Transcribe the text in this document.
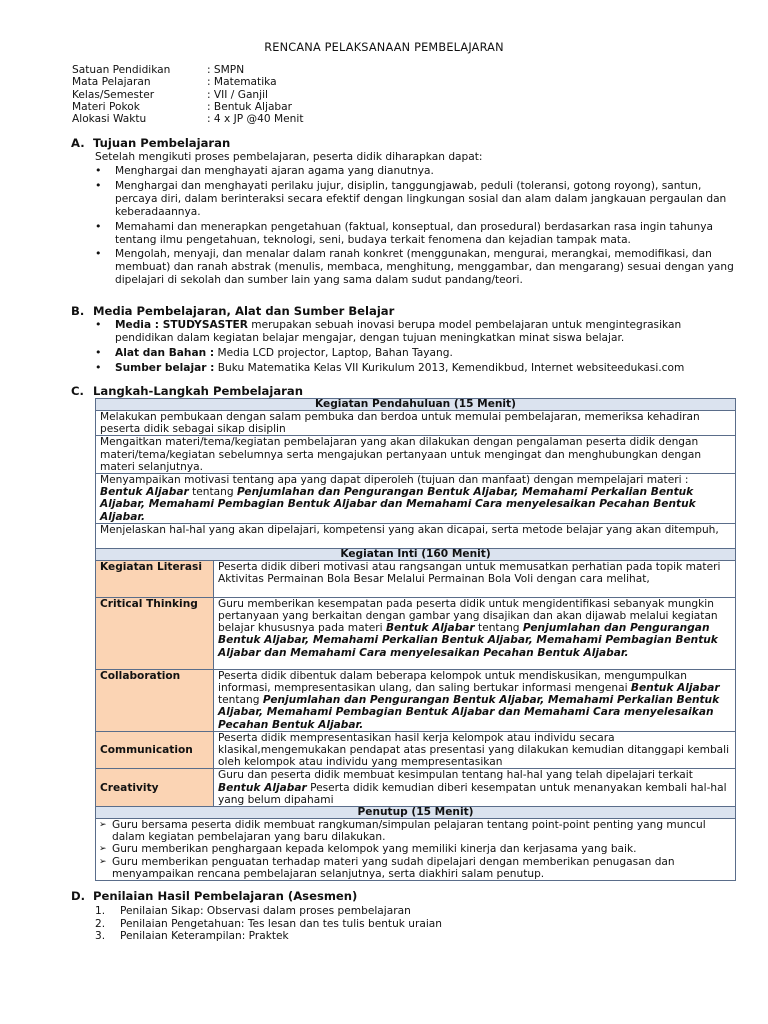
RENCANA PELAKSANAAN PEMBELAJARAN
Satuan Pendidikan	: SMPN
Mata Pelajaran	: Matematika
Kelas/Semester	: VII / Ganjil
Materi Pokok	: Bentuk Aljabar
Alokasi Waktu	: 4 x JP @40 Menit
A. Tujuan Pembelajaran
Setelah mengikuti proses pembelajaran, peserta didik diharapkan dapat:
• Menghargai dan menghayati ajaran agama yang dianutnya.
• Menghargai dan menghayati perilaku jujur, disiplin, tanggungjawab, peduli (toleransi, gotong royong), santun, percaya diri, dalam berinteraksi secara efektif dengan lingkungan sosial dan alam dalam jangkauan pergaulan dan keberadaannya.
• Memahami dan menerapkan pengetahuan (faktual, konseptual, dan prosedural) berdasarkan rasa ingin tahunya tentang ilmu pengetahuan, teknologi, seni, budaya terkait fenomena dan kejadian tampak mata.
• Mengolah, menyaji, dan menalar dalam ranah konkret (menggunakan, mengurai, merangkai, memodifikasi, dan membuat) dan ranah abstrak (menulis, membaca, menghitung, menggambar, dan mengarang) sesuai dengan yang dipelajari di sekolah dan sumber lain yang sama dalam sudut pandang/teori.
B. Media Pembelajaran, Alat dan Sumber Belajar
• Media : STUDYSASTER merupakan sebuah inovasi berupa model pembelajaran untuk mengintegrasikan pendidikan dalam kegiatan belajar mengajar, dengan tujuan meningkatkan minat siswa belajar.
• Alat dan Bahan : Media LCD projector, Laptop, Bahan Tayang.
• Sumber belajar : Buku Matematika Kelas VII Kurikulum 2013, Kemendikbud, Internet websiteedukasi.com
C. Langkah-Langkah Pembelajaran
Kegiatan Pendahuluan (15 Menit)	
Melakukan pembukaan dengan salam pembuka dan berdoa untuk memulai pembelajaran, memeriksa kehadiran peserta didik sebagai sikap disiplin	
Mengaitkan materi/tema/kegiatan pembelajaran yang akan dilakukan dengan pengalaman peserta didik dengan materi/tema/kegiatan sebelumnya serta mengajukan pertanyaan untuk mengingat dan menghubungkan dengan materi selanjutnya.	
Menyampaikan motivasi tentang apa yang dapat diperoleh (tujuan dan manfaat) dengan mempelajari materi : Bentuk Aljabar tentang Penjumlahan dan Pengurangan Bentuk Aljabar, Memahami Perkalian Bentuk Aljabar, Memahami Pembagian Bentuk Aljabar dan Memahami Cara menyelesaikan Pecahan Bentuk Aljabar.	
Menjelaskan hal-hal yang akan dipelajari, kompetensi yang akan dicapai, serta metode belajar yang akan ditempuh,	
Kegiatan Inti (160 Menit)	
Kegiatan Literasi	Peserta didik diberi motivasi atau rangsangan untuk memusatkan perhatian pada topik materi
Aktivitas Permainan Bola Besar Melalui Permainan Bola Voli dengan cara melihat,

Critical Thinking	Guru memberikan kesempatan pada peserta didik untuk mengidentifikasi sebanyak mungkin pertanyaan yang berkaitan dengan gambar yang disajikan dan akan dijawab melalui kegiatan belajar khususnya pada materi Bentuk Aljabar tentang Penjumlahan dan Pengurangan Bentuk Aljabar, Memahami Perkalian Bentuk Aljabar, Memahami Pembagian Bentuk Aljabar dan Memahami Cara menyelesaikan Pecahan Bentuk Aljabar.
Collaboration	Peserta didik dibentuk dalam beberapa kelompok untuk mendiskusikan, mengumpulkan informasi, mempresentasikan ulang, dan saling bertukar informasi mengenai Bentuk Aljabar tentang Penjumlahan dan Pengurangan Bentuk Aljabar, Memahami Perkalian Bentuk Aljabar, Memahami Pembagian Bentuk Aljabar dan Memahami Cara menyelesaikan Pecahan Bentuk Aljabar.
Communication	Peserta didik mempresentasikan hasil kerja kelompok atau individu secara klasikal,mengemukakan pendapat atas presentasi yang dilakukan kemudian ditanggapi kembali oleh kelompok atau individu yang mempresentasikan
Creativity	Guru dan peserta didik membuat kesimpulan tentang hal-hal yang telah dipelajari terkait Bentuk Aljabar Peserta didik kemudian diberi kesempatan untuk menanyakan kembali hal-hal yang belum dipahami
Penutup (15 Menit)	

➢ Guru bersama peserta didik membuat rangkuman/simpulan pelajaran tentang point-point penting yang muncul dalam kegiatan pembelajaran yang baru dilakukan.
➢ Guru memberikan penghargaan kepada kelompok yang memiliki kinerja dan kerjasama yang baik.
➢ Guru memberikan penguatan terhadap materi yang sudah dipelajari dengan memberikan penugasan dan menyampaikan rencana pembelajaran selanjutnya, serta diakhiri salam penutup.
D. Penilaian Hasil Pembelajaran (Asesmen)
1. Penilaian Sikap: Observasi dalam proses pembelajaran
2. Penilaian Pengetahuan: Tes lesan dan tes tulis bentuk uraian
3. Penilaian Keterampilan: Praktek
